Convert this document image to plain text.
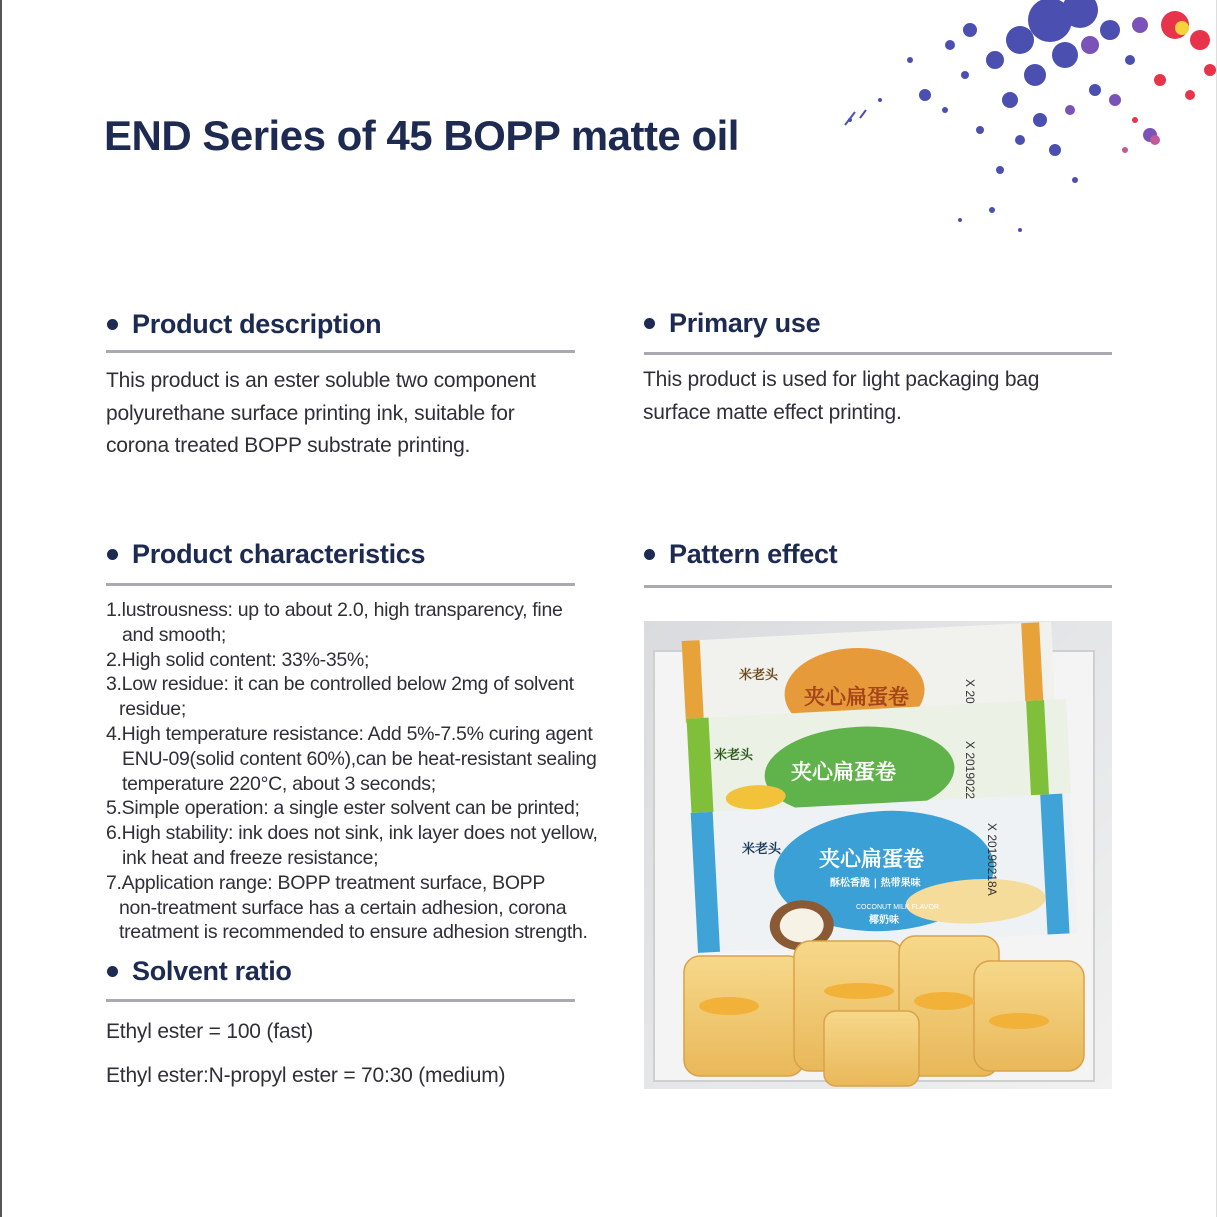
END Series of 45 BOPP matte oil
Product description
This product is an ester soluble two component
polyurethane surface printing ink, suitable for
corona treated BOPP substrate printing.
Primary use
This product is used for light packaging bag
surface matte effect printing.
Product characteristics
1.lustrousness: up to about 2.0, high transparency, fine
and smooth;
2.High solid content: 33%-35%;
3.Low residue: it can be controlled below 2mg of solvent
residue;
4.High temperature resistance: Add 5%-7.5% curing agent
ENU-09(solid content 60%),can be heat-resistant sealing
temperature 220°C, about 3 seconds;
5.Simple operation: a single ester solvent can be printed;
6.High stability: ink does not sink, ink layer does not yellow,
ink heat and freeze resistance;
7.Application range: BOPP treatment surface, BOPP
non-treatment surface has a certain adhesion, corona
treatment is recommended to ensure adhesion strength.
Pattern effect
Solvent ratio
Ethyl ester = 100 (fast)
Ethyl ester:N-propyl ester = 70:30 (medium)
夹心扁蛋卷
米老头
X 20
夹心扁蛋卷
米老头	X 2019022
夹心扁蛋卷
酥松香脆 | 热带果味
米老头
COCONUT MILK FLAVOR
椰奶味
X 20190218A
